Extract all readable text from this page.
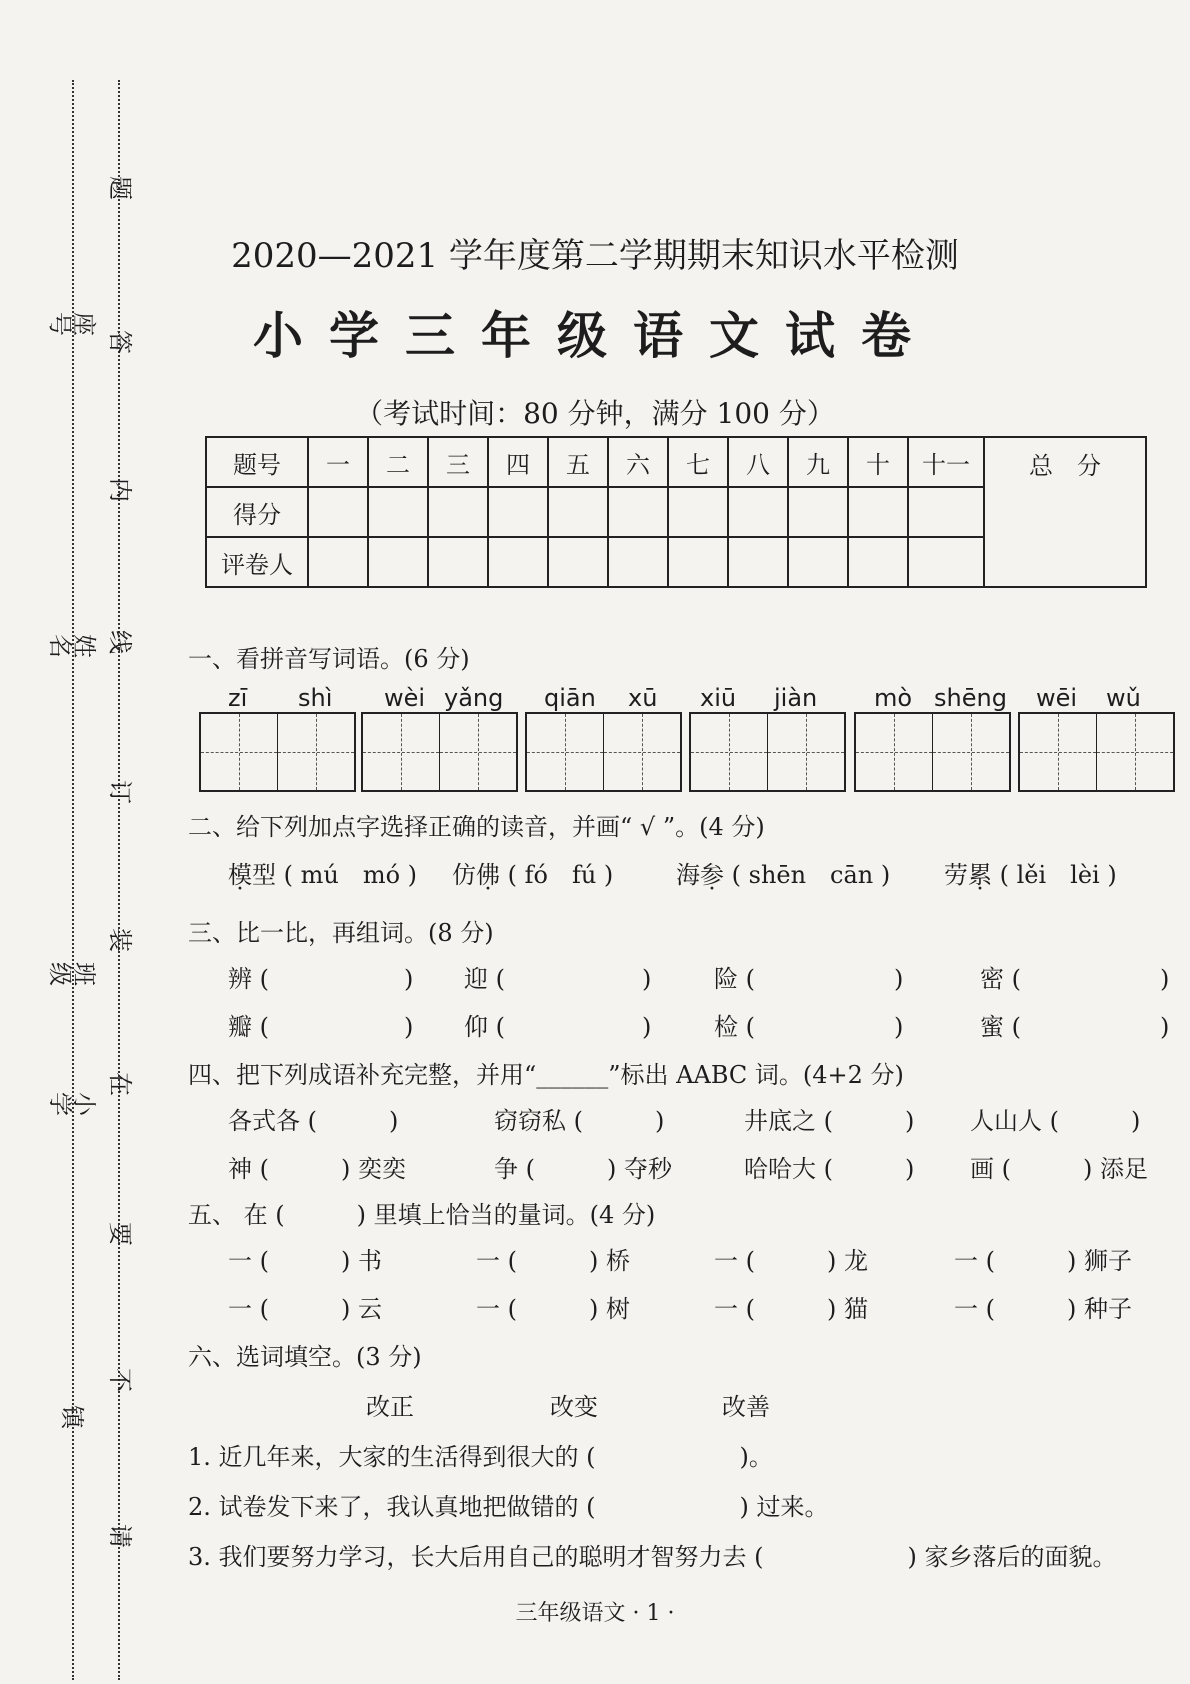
座号
姓名
班级
小学
镇
题
答
内
线
订
装
在
要
不
请
2020—2021 学年度第二学期期末知识水平检测
小学三年级语文试卷
（考试时间：80 分钟，满分 100 分）
题号	一	二	三	四	五	六	七	八	九	十	十一	总　分
得分												
评卷人												
一、看拼音写词语。(6 分)
zī shì wèi yǎng qiān xū xiū jiàn mò shēng wēi wǔ
二、给下列加点字选择正确的读音，并画“ √ ”。(4 分)
模型 ( mú　mó ) 仿佛 ( fó　fú )	海参 ( shēn　cān ) 劳累 ( lěi　lèi )
三、比一比，再组词。(8 分)
辨 (	) 迎 (	)	险 (	)	密 (	)
瓣 (	) 仰 (	)	检 (	)	蜜 (	)
四、把下列成语补充完整，并用“______”标出 AABC 词。(4+2 分)
各式各 (　　　)	窃窃私 (　　　)	井底之 (　　　) 人山人 (　　　)
神 (　　　) 奕奕	争 (　　　) 夺秒	哈哈大 (　　　) 画 (　　　) 添足
五、 在 (　　　) 里填上恰当的量词。(4 分)
一 (　　　) 书	一 (　　　) 桥	一 (　　　) 龙	一 (　　　) 狮子
一 (　　　) 云	一 (　　　) 树	一 (　　　) 猫	一 (　　　) 种子
六、选词填空。(3 分)
改正	改变	改善
1. 近几年来，大家的生活得到很大的 (　　　　　　)。
2. 试卷发下来了，我认真地把做错的 (　　　　　　) 过来。
3. 我们要努力学习，长大后用自己的聪明才智努力去 (　　　　　　) 家乡落后的面貌。
三年级语文 · 1 ·
